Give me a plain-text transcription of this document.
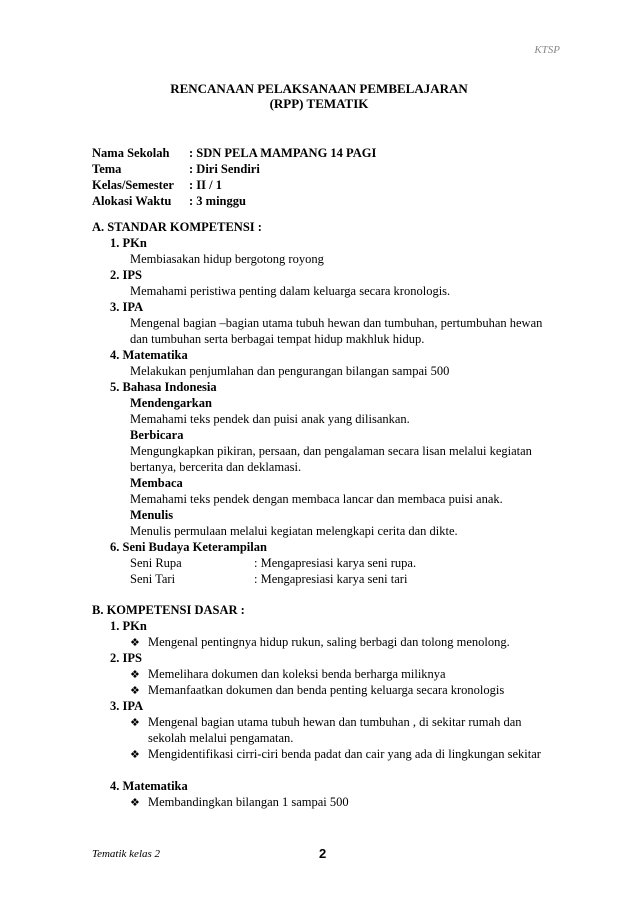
KTSP
RENCANAAN PELAKSANAAN PEMBELAJARAN
(RPP) TEMATIK
Nama Sekolah : SDN PELA MAMPANG 14 PAGI
Tema	: Diri Sendiri
Kelas/Semester : II / 1
Alokasi Waktu : 3 minggu
A. STANDAR KOMPETENSI :
1. PKn
Membiasakan hidup bergotong royong
2. IPS
Memahami peristiwa penting dalam keluarga secara kronologis.
3. IPA
Mengenal bagian –bagian utama tubuh hewan dan tumbuhan, pertumbuhan hewan
dan tumbuhan serta berbagai tempat hidup makhluk hidup.
4. Matematika
Melakukan penjumlahan dan pengurangan bilangan sampai 500
5. Bahasa Indonesia
Mendengarkan
Memahami teks pendek dan puisi anak yang dilisankan.
Berbicara
Mengungkapkan pikiran, persaan, dan pengalaman secara lisan melalui kegiatan
bertanya, bercerita dan deklamasi.
Membaca
Memahami teks pendek dengan membaca lancar dan membaca puisi anak.
Menulis
Menulis permulaan melalui kegiatan melengkapi cerita dan dikte.
6. Seni Budaya Keterampilan
Seni Rupa	: Mengapresiasi karya seni rupa.
Seni Tari	: Mengapresiasi karya seni tari
B. KOMPETENSI DASAR :
1. PKn
❖ Mengenal pentingnya hidup rukun, saling berbagi dan tolong menolong.
2. IPS
❖ Memelihara dokumen dan koleksi benda berharga miliknya
❖ Memanfaatkan dokumen dan benda penting keluarga secara kronologis
3. IPA
❖ Mengenal bagian utama tubuh hewan dan tumbuhan , di sekitar rumah dan
sekolah melalui pengamatan.
❖ Mengidentifikasi cirri-ciri benda padat dan cair yang ada di lingkungan sekitar
4. Matematika
❖ Membandingkan bilangan 1 sampai 500
Tematik kelas 2	2
